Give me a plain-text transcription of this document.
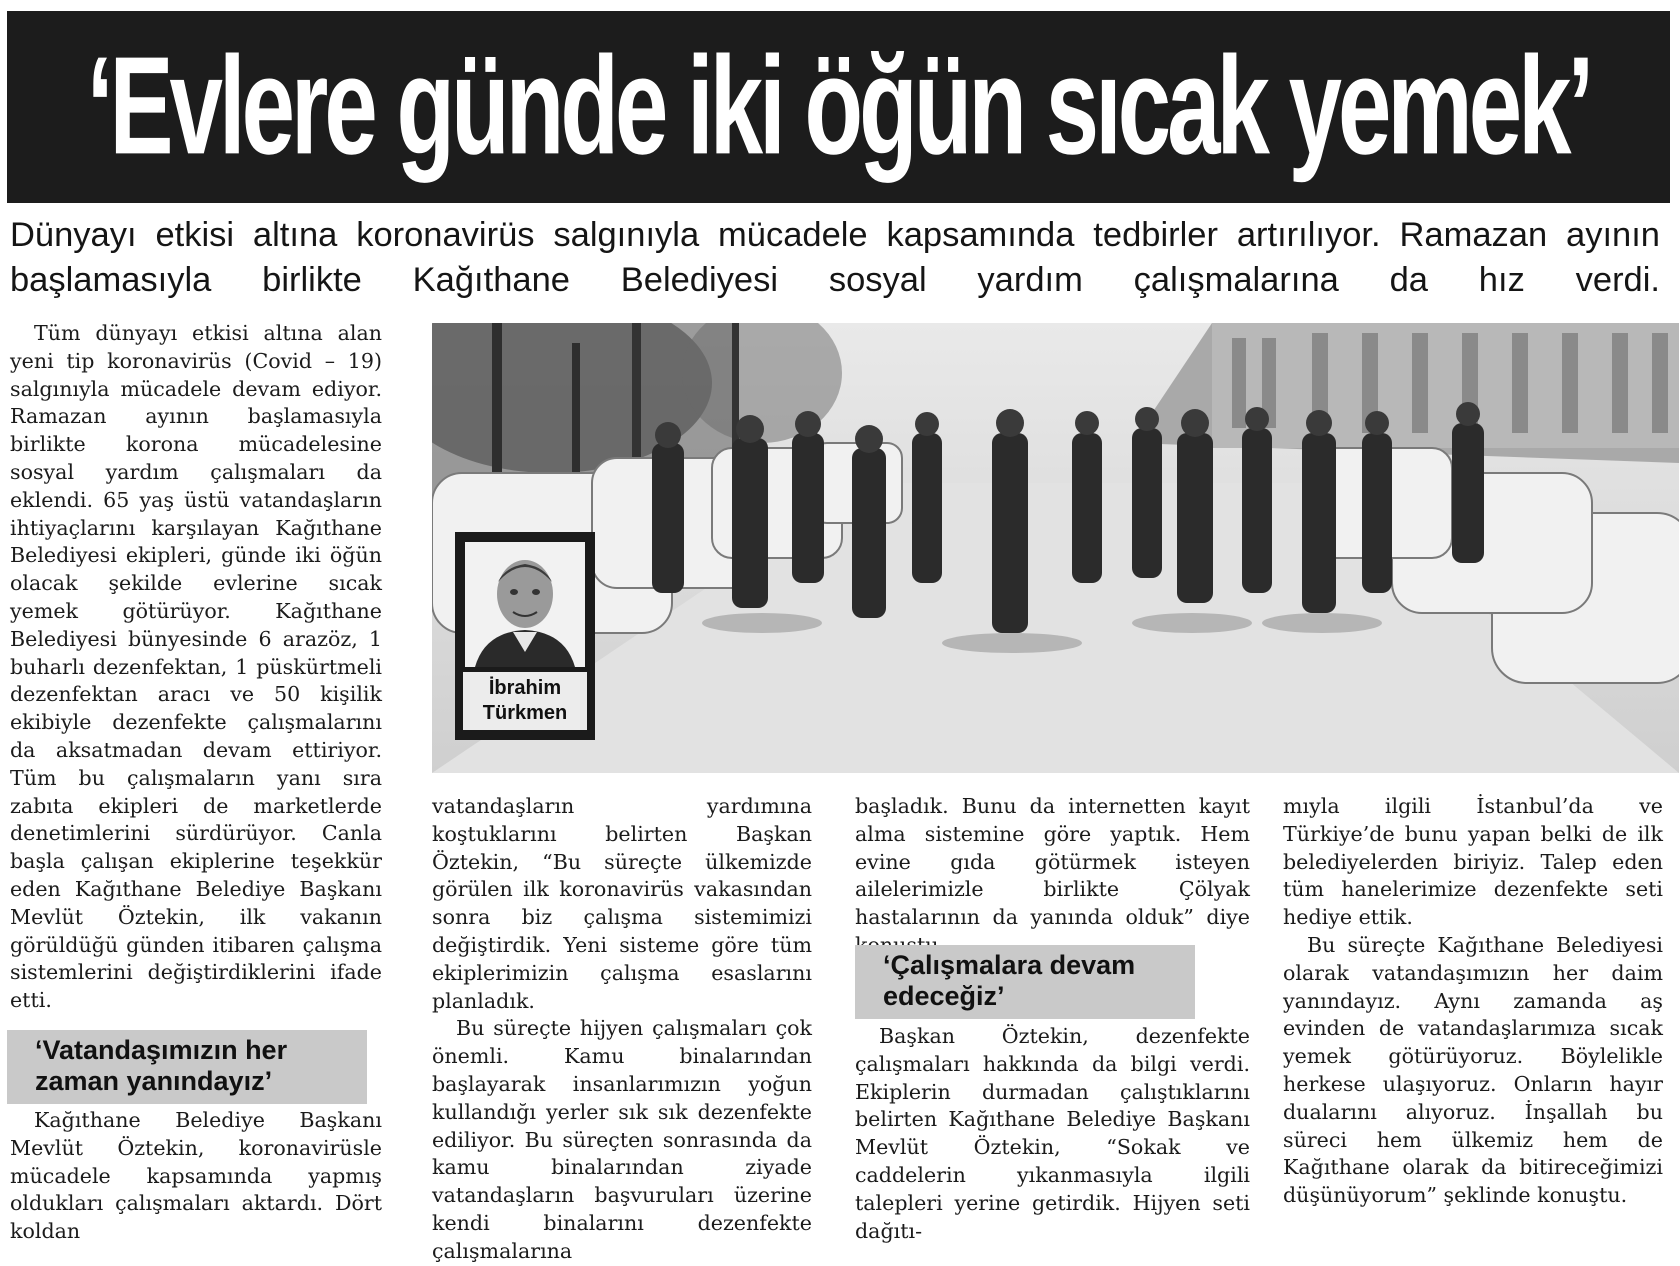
‘Evlere günde iki öğün sıcak yemek’

Dünyayı etkisi altına koronavirüs salgınıyla mücadele kapsamında tedbirler artırılıyor. Ramazan ayının başlamasıyla birlikte Kağıthane Belediyesi sosyal yardım çalışmalarına da hız verdi.

Tüm dünyayı etkisi altına alan yeni tip koronavirüs (Covid – 19) salgınıyla mücadele devam ediyor. Ramazan ayının başlamasıyla birlikte korona mücadelesine sosyal yardım çalışmaları da eklendi. 65 yaş üstü vatandaşların ihtiyaçlarını karşılayan Kağıthane Belediyesi ekipleri, günde iki öğün olacak şekilde evlerine sıcak yemek götürüyor. Kağıthane Belediyesi bünyesinde 6 arazöz, 1 buharlı dezenfektan, 1 püskürtmeli dezenfektan aracı ve 50 kişilik ekibiyle dezenfekte çalışmalarını da aksatmadan devam ettiriyor. Tüm bu çalışmaların yanı sıra zabıta ekipleri de marketlerde denetimlerini sürdürüyor. Canla başla çalışan ekiplerine teşekkür eden Kağıthane Belediye Başkanı Mevlüt Öztekin, ilk vakanın görüldüğü günden itibaren çalışma sistemlerini değiştirdiklerini ifade etti.

‘Vatandaşımızın her zaman yanındayız’

Kağıthane Belediye Başkanı Mevlüt Öztekin, koronavirüsle mücadele kapsamında yapmış oldukları çalışmaları aktardı. Dört koldan

İbrahim
Türkmen

vatandaşların yardımına koştuklarını belirten Başkan Öztekin, “Bu süreçte ülkemizde görülen ilk koronavirüs vakasından sonra biz çalışma sistemimizi değiştirdik. Yeni sisteme göre tüm ekiplerimizin çalışma esaslarını planladık.

Bu süreçte hijyen çalışmaları çok önemli. Kamu binalarından başlayarak insanlarımızın yoğun kullandığı yerler sık sık dezenfekte ediliyor. Bu süreçten sonrasında da kamu binalarından ziyade vatandaşların başvuruları üzerine kendi binalarını dezenfekte çalışmalarına

başladık. Bunu da internetten kayıt alma sistemine göre yaptık. Hem evine gıda götürmek isteyen ailelerimizle birlikte Çölyak hastalarının da yanında olduk” diye

‘Çalışmalara devam edeceğiz’

Başkan Öztekin, dezenfekte çalışmaları hakkında da bilgi verdi. Ekiplerin durmadan çalıştıklarını belirten Kağıthane Belediye Başkanı Mevlüt Öztekin, “Sokak ve caddelerin yıkanmasıyla ilgili talepleri yerine getirdik. Hijyen seti dağıtı-

mıyla ilgili İstanbul’da ve Türkiye’de bunu yapan belki de ilk belediyelerden biriyiz. Talep eden tüm hanelerimize dezenfekte seti hediye ettik.

Bu süreçte Kağıthane Belediyesi olarak vatandaşımızın her daim yanındayız. Aynı zamanda aş evinden de vatandaşlarımıza sıcak yemek götürüyoruz. Böylelikle herkese ulaşıyoruz. Onların hayır dualarını alıyoruz. İnşallah bu süreci hem ülkemiz hem de Kağıthane olarak da bitireceğimizi düşünüyorum” şeklinde konuştu.
